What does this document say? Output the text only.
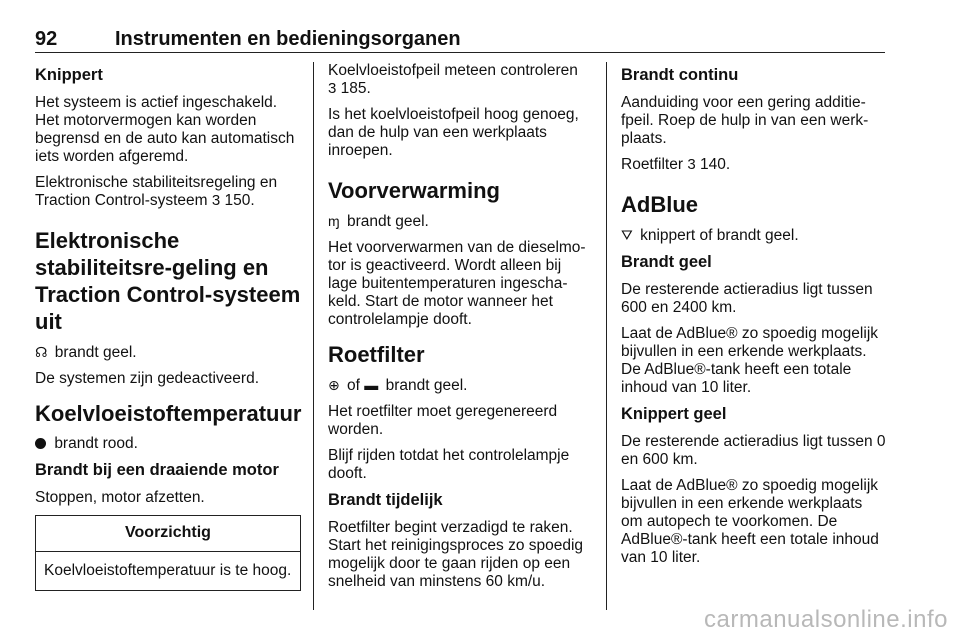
92	Instrumenten en bedieningsorganen
Knippert

Het systeem is actief ingeschakeld. Het motorvermogen kan worden begrensd en de auto kan automatisch iets worden afgeremd.

Elektronische stabiliteitsregeling en Traction Control-systeem 3 150.

Elektronische stabiliteitsre-geling en Traction Control-systeem uit

☊ brandt geel.

De systemen zijn gedeactiveerd.

Koelvloeistoftemperatuur

brandt rood.

Brandt bij een draaiende motor

Stoppen, motor afzetten.

Voorzichtig
Koelvloeistoftemperatuur is te hoog.

Koelvloeistofpeil meteen controleren 3 185.

Is het koelvloeistofpeil hoog genoeg, dan de hulp van een werkplaats inroepen.

Voorverwarming

ɱ brandt geel.

Het voorverwarmen van de dieselmo-tor is geactiveerd. Wordt alleen bij lage buitentemperaturen ingescha-keld. Start de motor wanneer het controlelampje dooft.

Roetfilter

⊕ of ▬ brandt geel.

Het roetfilter moet geregenereerd worden.

Blijf rijden totdat het controlelampje dooft.

Brandt tijdelijk

Roetfilter begint verzadigd te raken. Start het reinigingsproces zo spoedig mogelijk door te gaan rijden op een snelheid van minstens 60 km/u.

Brandt continu

Aanduiding voor een gering additie-fpeil. Roep de hulp in van een werk-plaats.

Roetfilter 3 140.

AdBlue

⛛ knippert of brandt geel.

Brandt geel

De resterende actieradius ligt tussen 600 en 2400 km.

Laat de AdBlue® zo spoedig mogelijk bijvullen in een erkende werkplaats. De AdBlue®-tank heeft een totale inhoud van 10 liter.

Knippert geel

De resterende actieradius ligt tussen 0 en 600 km.

Laat de AdBlue® zo spoedig mogelijk bijvullen in een erkende werkplaats om autopech te voorkomen. De AdBlue®-tank heeft een totale inhoud van 10 liter.

carmanualsonline.info
